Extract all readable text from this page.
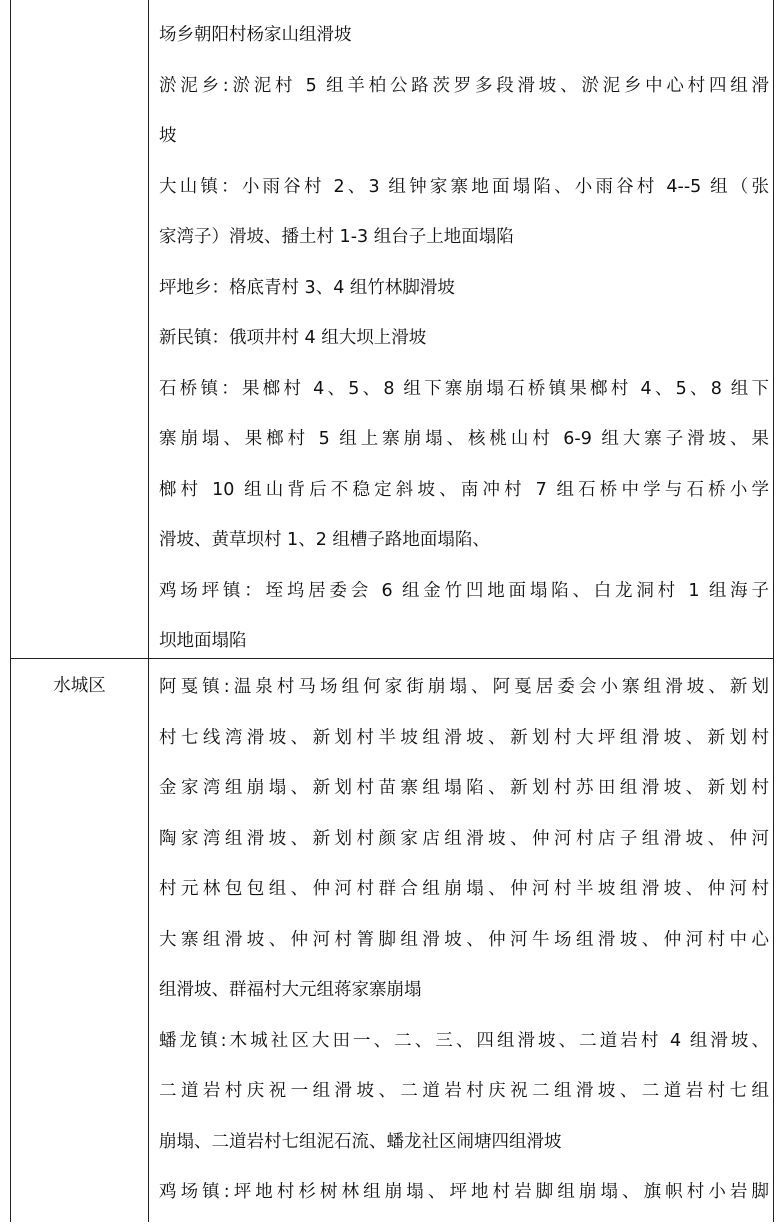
水城区
场乡朝阳村杨家山组滑坡
淤泥乡:淤泥村 5 组羊柏公路茨罗多段滑坡、淤泥乡中心村四组滑
坡
大山镇：小雨谷村 2、3 组钟家寨地面塌陷、小雨谷村 4--5 组（张
家湾子）滑坡、播土村 1-3 组台子上地面塌陷
坪地乡：格底青村 3、4 组竹林脚滑坡
新民镇：俄项井村 4 组大坝上滑坡
石桥镇：果榔村 4、5、8 组下寨崩塌石桥镇果榔村 4、5、8 组下
寨崩塌、果榔村 5 组上寨崩塌、核桃山村 6-9 组大寨子滑坡、果
榔村 10 组山背后不稳定斜坡、南冲村 7 组石桥中学与石桥小学
滑坡、黄草坝村 1、2 组槽子路地面塌陷、
鸡场坪镇：垤坞居委会 6 组金竹凹地面塌陷、白龙洞村 1 组海子
坝地面塌陷
阿戛镇:温泉村马场组何家街崩塌、阿戛居委会小寨组滑坡、新划
村七线湾滑坡、新划村半坡组滑坡、新划村大坪组滑坡、新划村
金家湾组崩塌、新划村苗寨组塌陷、新划村苏田组滑坡、新划村
陶家湾组滑坡、新划村颜家店组滑坡、仲河村店子组滑坡、仲河
村元林包包组、仲河村群合组崩塌、仲河村半坡组滑坡、仲河村
大寨组滑坡、仲河村箐脚组滑坡、仲河牛场组滑坡、仲河村中心
组滑坡、群福村大元组蒋家寨崩塌
蟠龙镇:木城社区大田一、二、三、四组滑坡、二道岩村 4 组滑坡、
二道岩村庆祝一组滑坡、二道岩村庆祝二组滑坡、二道岩村七组
崩塌、二道岩村七组泥石流、蟠龙社区闹塘四组滑坡
鸡场镇:坪地村杉树林组崩塌、坪地村岩脚组崩塌、旗帜村小岩脚
